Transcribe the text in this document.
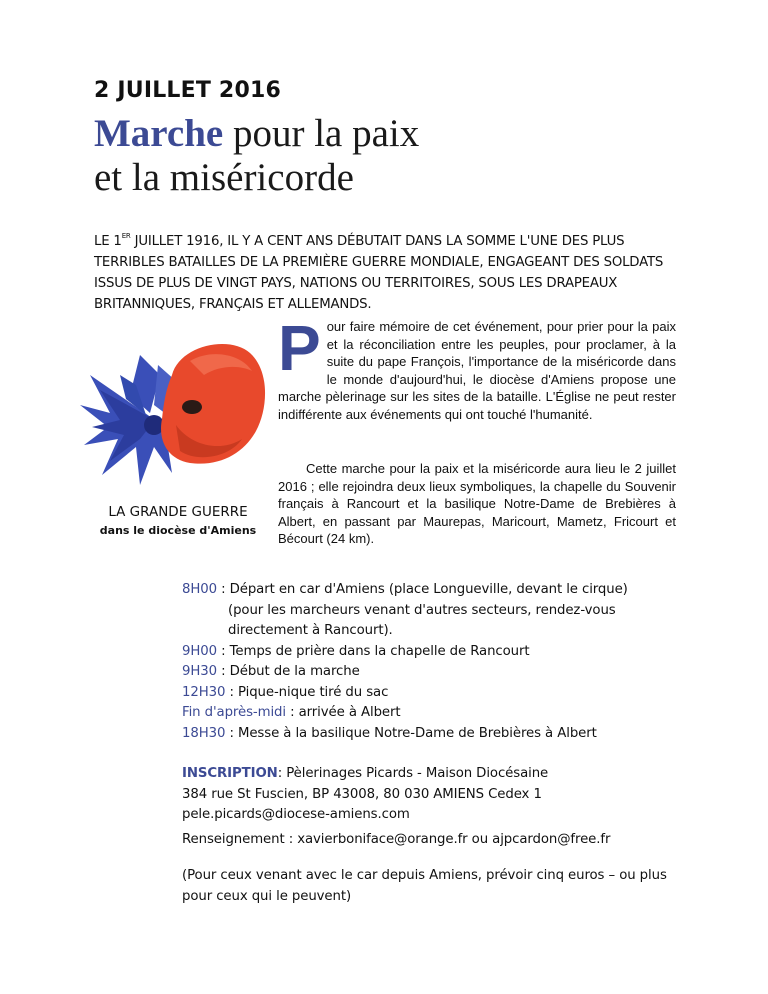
2 JUILLET 2016
Marche pour la paix
et la miséricorde
LE 1ER JUILLET 1916, IL Y A CENT ANS DÉBUTAIT DANS LA SOMME L'UNE DES PLUS TERRIBLES BATAILLES DE LA PREMIÈRE GUERRE MONDIALE, ENGAGEANT DES SOLDATS ISSUS DE PLUS DE VINGT PAYS, NATIONS OU TERRITOIRES, SOUS LES DRAPEAUX BRITANNIQUES, FRANÇAIS ET ALLEMANDS.
LA GRANDE GUERRE
dans le diocèse d'Amiens
Pour faire mémoire de cet événement, pour prier pour la paix et la réconciliation entre les peuples, pour proclamer, à la suite du pape François, l'importance de la miséricorde dans le monde d'aujourd'hui, le diocèse d'Amiens propose une marche pèlerinage sur les sites de la bataille. L'Église ne peut rester indifférente aux événements qui ont touché l'humanité.
Cette marche pour la paix et la miséricorde aura lieu le 2 juillet 2016 ; elle rejoindra deux lieux symboliques, la chapelle du Souvenir français à Rancourt et la basilique Notre-Dame de Brebières à Albert, en passant par Maurepas, Maricourt, Mametz, Fricourt et Bécourt (24 km).
8H00 : Départ en car d'Amiens (place Longueville, devant le cirque)
(pour les marcheurs venant d'autres secteurs, rendez-vous directement à Rancourt).
9H00 : Temps de prière dans la chapelle de Rancourt
9H30 : Début de la marche
12H30 : Pique-nique tiré du sac
Fin d'après-midi : arrivée à Albert
18H30 : Messe à la basilique Notre-Dame de Brebières à Albert
INSCRIPTION: Pèlerinages Picards - Maison Diocésaine
384 rue St Fuscien, BP 43008, 80 030 AMIENS Cedex 1
pele.picards@diocese-amiens.com
Renseignement : xavierboniface@orange.fr ou ajpcardon@free.fr
(Pour ceux venant avec le car depuis Amiens, prévoir cinq euros – ou plus pour ceux qui le peuvent)
